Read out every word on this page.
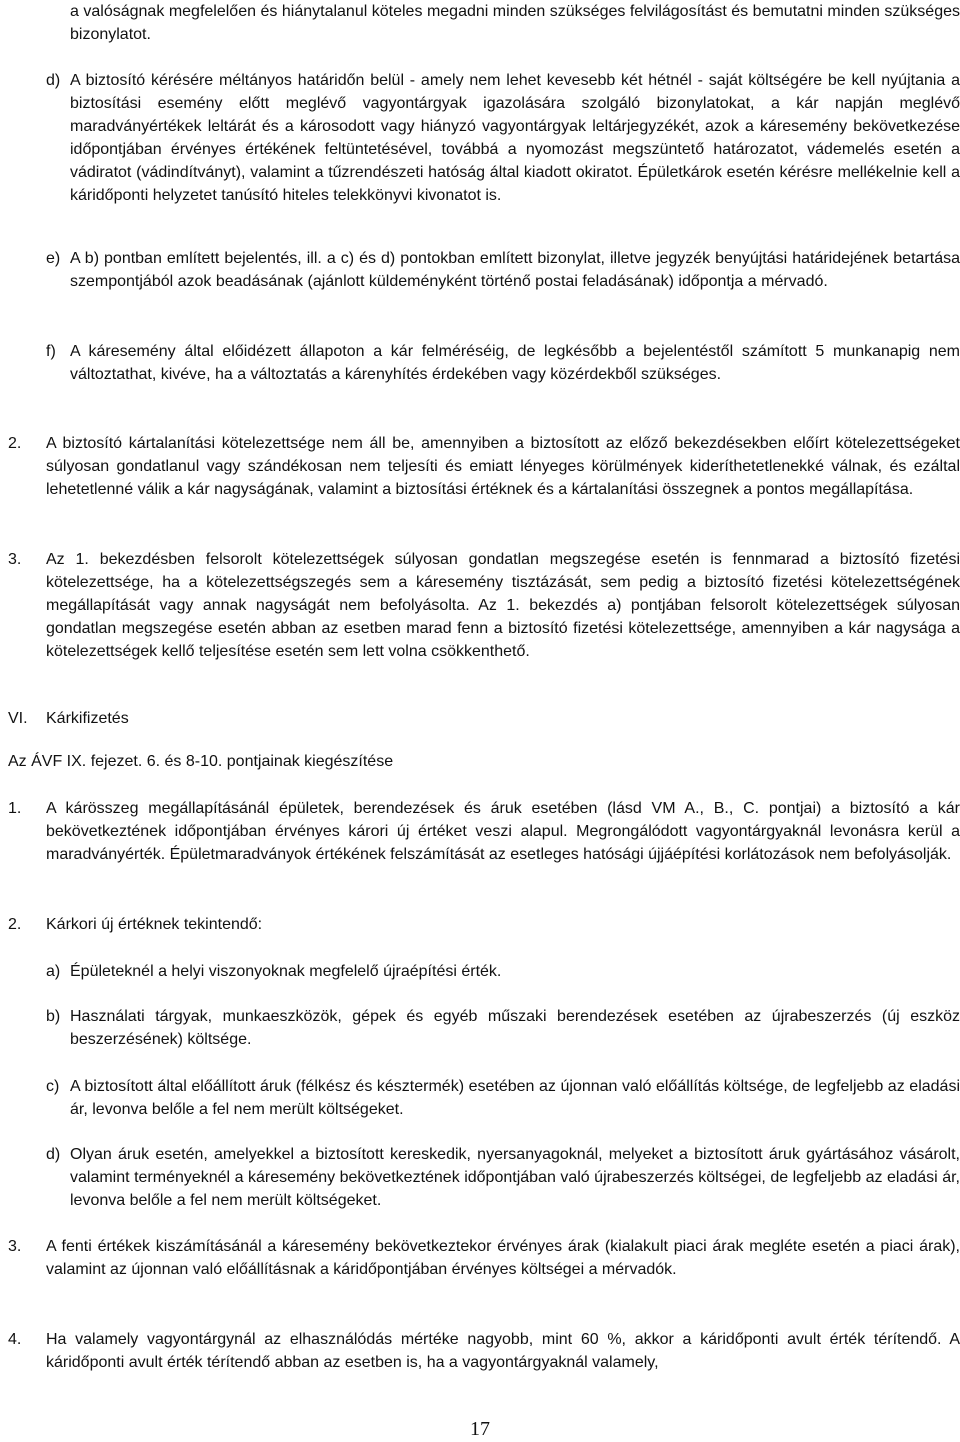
a valóságnak megfelelően és hiánytalanul köteles megadni minden szükséges felvilágosítást és bemutatni minden szükséges bizonylatot.

d) A biztosító kérésére méltányos határidőn belül - amely nem lehet kevesebb két hétnél - saját költségére be kell nyújtania a biztosítási esemény előtt meglévő vagyontárgyak igazolására szolgáló bizonylatokat, a kár napján meglévő maradványértékek leltárát és a károsodott vagy hiányzó vagyontárgyak leltárjegyzékét, azok a káresemény bekövetkezése időpontjában érvényes értékének feltüntetésével, továbbá a nyomozást megszüntető határozatot, vádemelés esetén a vádiratot (vádindítványt), valamint a tűzrendészeti hatóság által kiadott okiratot. Épületkárok esetén kérésre mellékelnie kell a káridőponti helyzetet tanúsító hiteles telekkönyvi kivonatot is.

e) A b) pontban említett bejelentés, ill. a c) és d) pontokban említett bizonylat, illetve jegyzék benyújtási határidejének betartása szempontjából azok beadásának (ajánlott küldeményként történő postai feladásának) időpontja a mérvadó.

f) A káresemény által előidézett állapoton a kár felméréséig, de legkésőbb a bejelentéstől számított 5 munkanapig nem változtathat, kivéve, ha a változtatás a kárenyhítés érdekében vagy közérdekből szükséges.

2. A biztosító kártalanítási kötelezettsége nem áll be, amennyiben a biztosított az előző bekezdésekben előírt kötelezettségeket súlyosan gondatlanul vagy szándékosan nem teljesíti és emiatt lényeges körülmények kideríthetetlenekké válnak, és ezáltal lehetetlenné válik a kár nagyságának, valamint a biztosítási értéknek és a kártalanítási összegnek a pontos megállapítása.

3. Az 1. bekezdésben felsorolt kötelezettségek súlyosan gondatlan megszegése esetén is fennmarad a biztosító fizetési kötelezettsége, ha a kötelezettségszegés sem a káresemény tisztázását, sem pedig a biztosító fizetési kötelezettségének megállapítását vagy annak nagyságát nem befolyásolta. Az 1. bekezdés a) pontjában felsorolt kötelezettségek súlyosan gondatlan megszegése esetén abban az esetben marad fenn a biztosító fizetési kötelezettsége, amennyiben a kár nagysága a kötelezettségek kellő teljesítése esetén sem lett volna csökkenthető.

VI. Kárkifizetés

Az ÁVF IX. fejezet. 6. és 8-10. pontjainak kiegészítése

1. A kárösszeg megállapításánál épületek, berendezések és áruk esetében (lásd VM A., B., C. pontjai) a biztosító a kár bekövetkeztének időpontjában érvényes károri új értéket veszi alapul. Megrongálódott vagyontárgyaknál levonásra kerül a maradványérték. Épületmaradványok értékének felszámítását az esetleges hatósági újjáépítési korlátozások nem befolyásolják.

2. Kárkori új értéknek tekintendő:

a) Épületeknél a helyi viszonyoknak megfelelő újraépítési érték.

b) Használati tárgyak, munkaeszközök, gépek és egyéb műszaki berendezések esetében az újrabeszerzés (új eszköz beszerzésének) költsége.

c) A biztosított által előállított áruk (félkész és késztermék) esetében az újonnan való előállítás költsége, de legfeljebb az eladási ár, levonva belőle a fel nem merült költségeket.

d) Olyan áruk esetén, amelyekkel a biztosított kereskedik, nyersanyagoknál, melyeket a biztosított áruk gyártásához vásárolt, valamint terményeknél a káresemény bekövetkeztének időpontjában való újrabeszerzés költségei, de legfeljebb az eladási ár, levonva belőle a fel nem merült költségeket.

3. A fenti értékek kiszámításánál a káresemény bekövetkeztekor érvényes árak (kialakult piaci árak megléte esetén a piaci árak), valamint az újonnan való előállításnak a káridőpontjában érvényes költségei a mérvadók.

4. Ha valamely vagyontárgynál az elhasználódás mértéke nagyobb, mint 60 %, akkor a káridőponti avult érték térítendő. A káridőponti avult érték térítendő abban az esetben is, ha a vagyontárgyaknál valamely,

17
